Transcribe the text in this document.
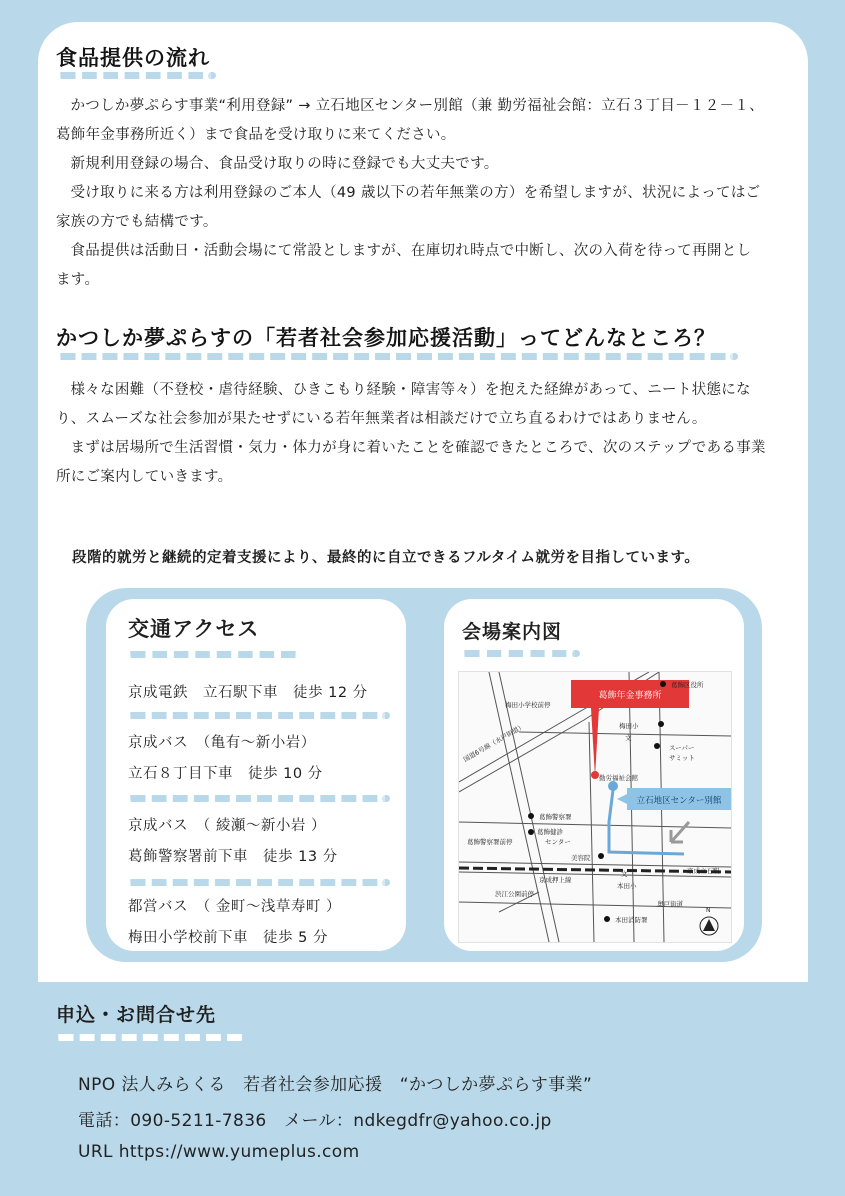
食品提供の流れ

かつしか夢ぷらす事業“利用登録” → 立石地区センター別館（兼 勤労福祉会館：立石３丁目－１２－１、葛飾年金事務所近く）まで食品を受け取りに来てください。

新規利用登録の場合、食品受け取りの時に登録でも大丈夫です。

受け取りに来る方は利用登録のご本人（49 歳以下の若年無業の方）を希望しますが、状況によってはご家族の方でも結構です。

食品提供は活動日・活動会場にて常設としますが、在庫切れ時点で中断し、次の入荷を待って再開とします。

かつしか夢ぷらすの「若者社会参加応援活動」ってどんなところ？

様々な困難（不登校・虐待経験、ひきこもり経験・障害等々）を抱えた経緯があって、ニート状態になり、スムーズな社会参加が果たせずにいる若年無業者は相談だけで立ち直るわけではありません。

まずは居場所で生活習慣・気力・体力が身に着いたことを確認できたところで、次のステップである事業所にご案内していきます。

段階的就労と継続的定着支援により、最終的に自立できるフルタイム就労を目指しています。
交通アクセス
京成電鉄　立石駅下車　徒歩 12 分
京成バス　（亀有〜新小岩）
立石８丁目下車　徒歩 10 分
京成バス　（ 綾瀬〜新小岩 ）
葛飾警察署前下車　徒歩 13 分
都営バス　（ 金町〜浅草寿町 ）
梅田小学校前下車　徒歩 5 分
会場案内図
葛飾年金事務所
立石地区センター別館
葛飾区役所
梅田小学校前停
梅田小
文
スーパー
サミット
勤労福祉会館
葛飾警察署
葛飾健診
センター
葛飾警察署前停
美容院
京成押上線
文
本田小
京成立石駅
渋江公園前停
奥戸街道
本田消防署
国道6号線（水戸街道）
N
申込・お問合せ先
NPO 法人みらくる　若者社会参加応援　“かつしか夢ぷらす事業”
電話：090-5211-7836　メール：ndkegdfr@yahoo.co.jp
URL https://www.yumeplus.com
